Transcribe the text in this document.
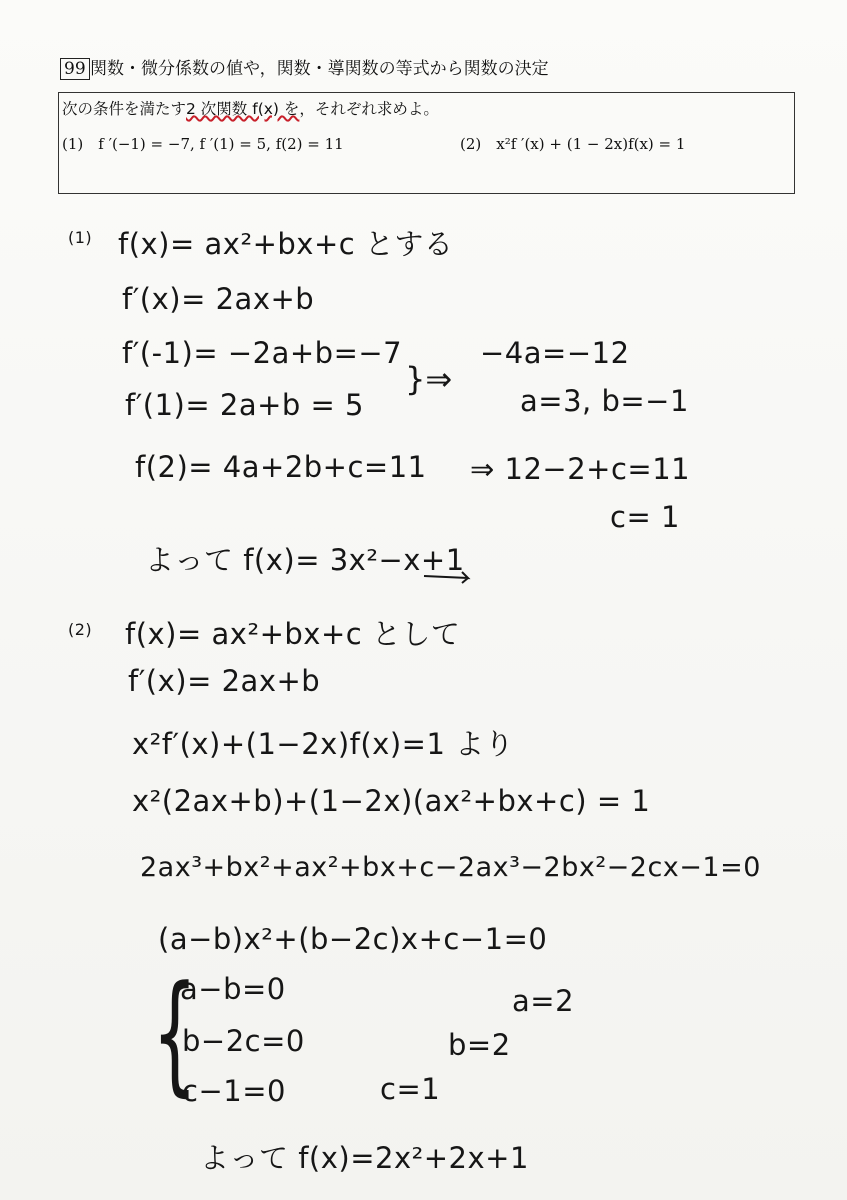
99 関数・微分係数の値や，関数・導関数の等式から関数の決定
次の条件を満たす2 次関数 f(x) を，それぞれ求めよ。
(1)　f ′(−1) = −7, f ′(1) = 5, f(2) = 11	(2)　x²f ′(x) + (1 − 2x)f(x) = 1
(1) f(x)= ax²+bx+c とする
f′(x)= 2ax+b
f′(-1)= −2a+b=−7
f′(1)= 2a+b = 5
}⇒
−4a=−12
a=3, b=−1
f(2)= 4a+2b+c=11 ⇒ 12−2+c=11
c= 1
よって f(x)= 3x²−x+1
(2) f(x)= ax²+bx+c として
f′(x)= 2ax+b
x²f′(x)+(1−2x)f(x)=1 より
x²(2ax+b)+(1−2x)(ax²+bx+c) = 1
2ax³+bx²+ax²+bx+c−2ax³−2bx²−2cx−1=0
(a−b)x²+(b−2c)x+c−1=0
{
a−b=0
b−2c=0
c−1=0
a=2
b=2
c=1
よって f(x)=2x²+2x+1
